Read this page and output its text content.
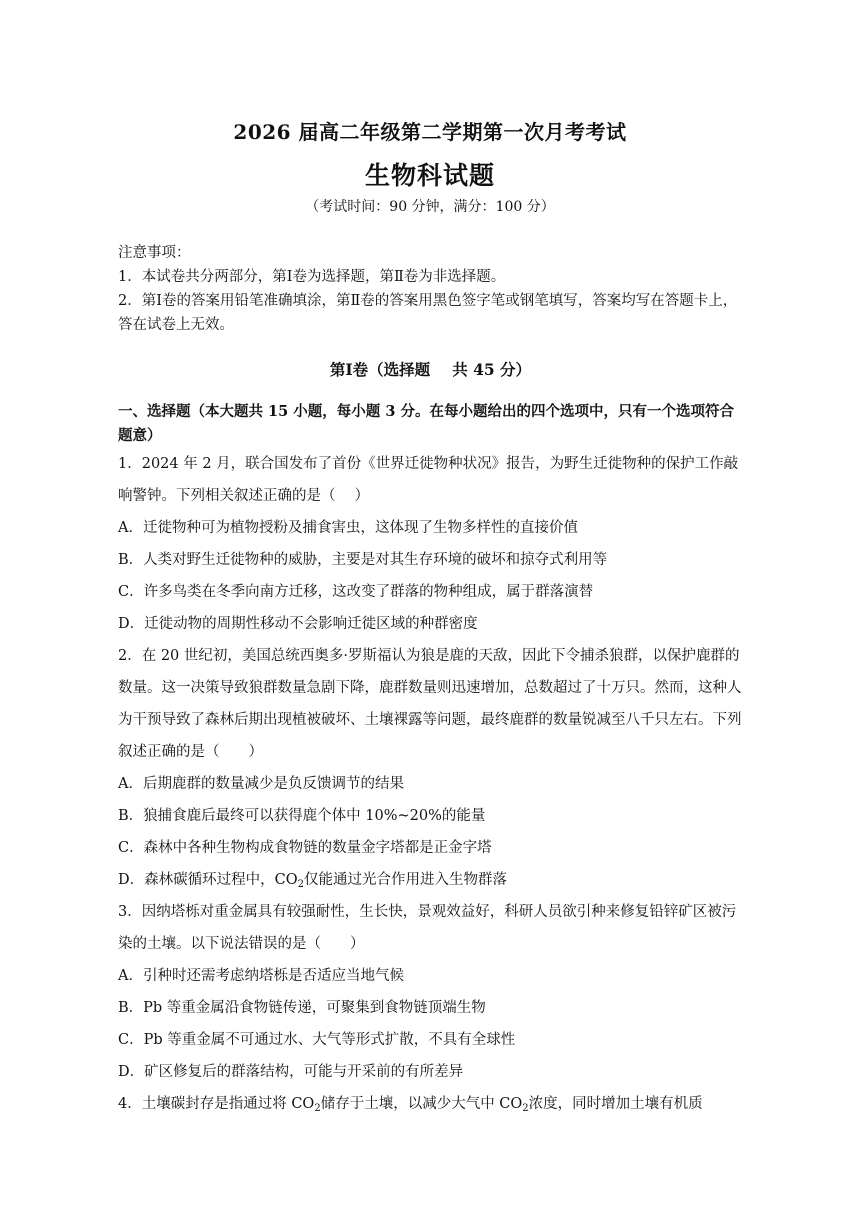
2026 届高二年级第二学期第一次月考考试
生物科试题
（考试时间：90 分钟，满分：100 分）
注意事项：
1．本试卷共分两部分，第Ⅰ卷为选择题，第Ⅱ卷为非选择题。
2．第Ⅰ卷的答案用铅笔准确填涂，第Ⅱ卷的答案用黑色签字笔或钢笔填写，答案均写在答题卡上，答在试卷上无效。
第Ⅰ卷（选择题 共 45 分）
一、选择题（本大题共 15 小题，每小题 3 分。在每小题给出的四个选项中，只有一个选项符合题意）
1．2024 年 2 月，联合国发布了首份《世界迁徙物种状况》报告，为野生迁徙物种的保护工作敲响警钟。下列相关叙述正确的是（　 ）
A．迁徙物种可为植物授粉及捕食害虫，这体现了生物多样性的直接价值
B．人类对野生迁徙物种的威胁，主要是对其生存环境的破坏和掠夺式利用等
C．许多鸟类在冬季向南方迁移，这改变了群落的物种组成，属于群落演替
D．迁徙动物的周期性移动不会影响迁徙区域的种群密度
2．在 20 世纪初，美国总统西奥多·罗斯福认为狼是鹿的天敌，因此下令捕杀狼群，以保护鹿群的数量。这一决策导致狼群数量急剧下降，鹿群数量则迅速增加，总数超过了十万只。然而，这种人为干预导致了森林后期出现植被破坏、土壤裸露等问题，最终鹿群的数量锐减至八千只左右。下列叙述正确的是（　　）
A．后期鹿群的数量减少是负反馈调节的结果
B．狼捕食鹿后最终可以获得鹿个体中 10%~20%的能量
C．森林中各种生物构成食物链的数量金字塔都是正金字塔
D．森林碳循环过程中，$CO_2$仅能通过光合作用进入生物群落
3．因纳塔栎对重金属具有较强耐性，生长快，景观效益好，科研人员欲引种来修复铅锌矿区被污染的土壤。以下说法错误的是（　　）
A．引种时还需考虑纳塔栎是否适应当地气候
B．Pb 等重金属沿食物链传递，可聚集到食物链顶端生物
C．Pb 等重金属不可通过水、大气等形式扩散，不具有全球性
D．矿区修复后的群落结构，可能与开采前的有所差异
4．土壤碳封存是指通过将 $CO_2$储存于土壤，以减少大气中 $CO_2$浓度，同时增加土壤有机质
